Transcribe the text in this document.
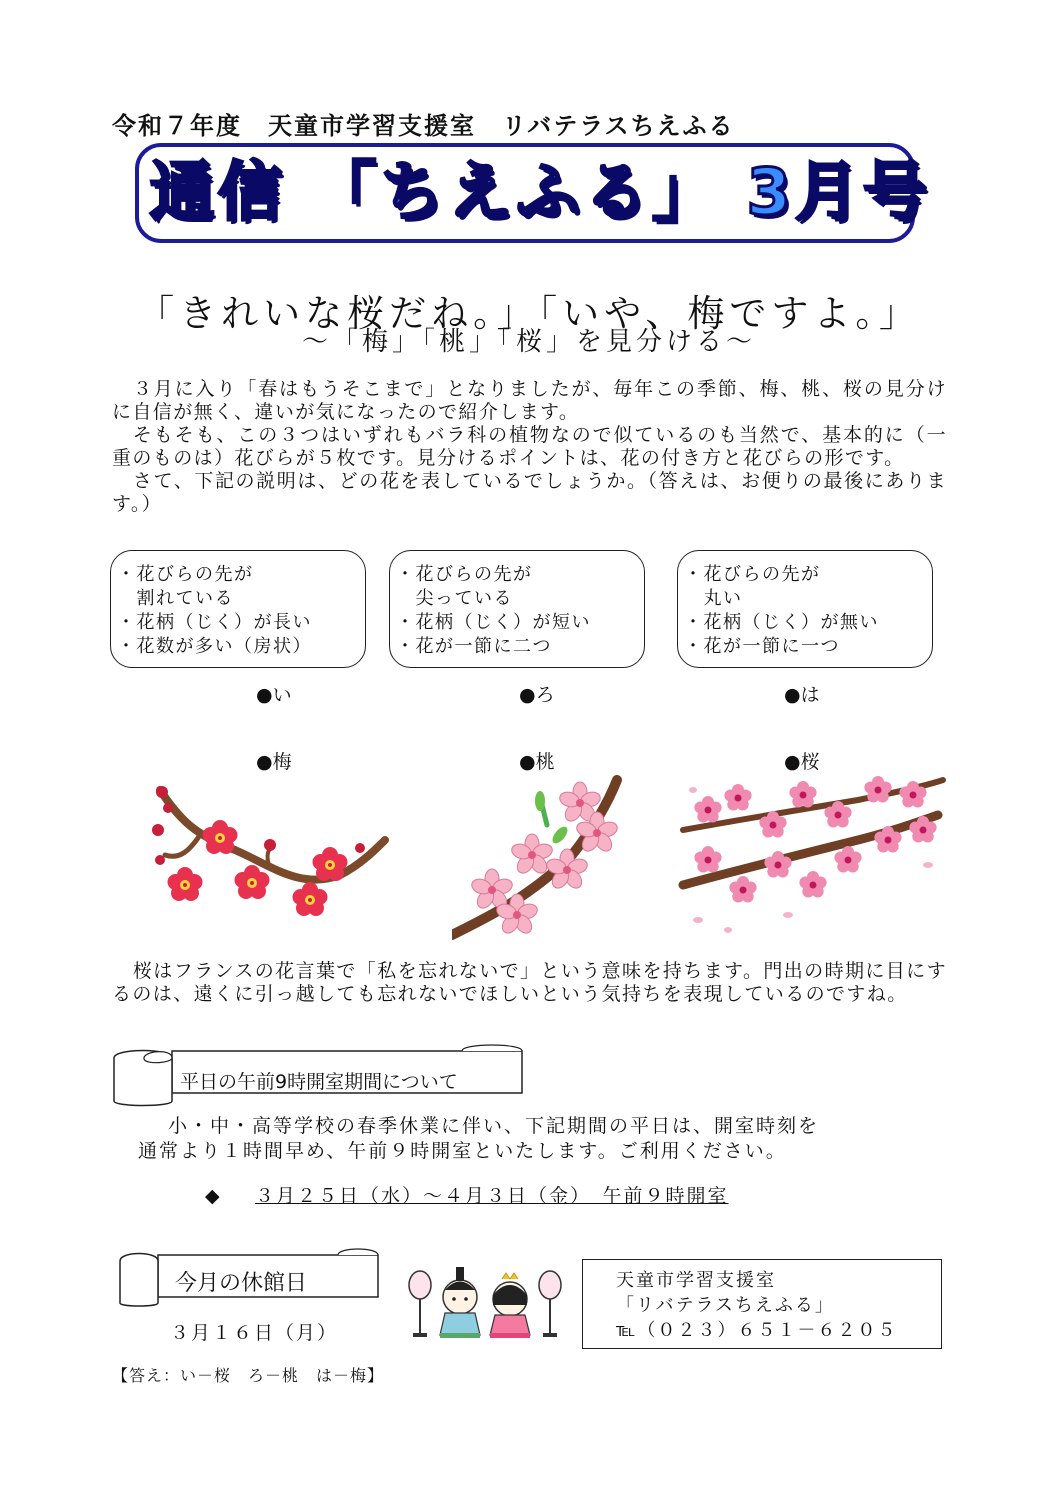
令和７年度　天童市学習支援室　リバテラスちえふる
通信 「ちえふる」 3月号
「きれいな桜だね。」「いや、梅ですよ。」
～「梅」「桃」「桜」を見分ける～

３月に入り「春はもうそこまで」となりましたが、毎年この季節、梅、桃、桜の見分けに自信が無く、違いが気になったので紹介します。

そもそも、この３つはいずれもバラ科の植物なので似ているのも当然で、基本的に（一重のものは）花びらが５枚です。見分けるポイントは、花の付き方と花びらの形です。

さて、下記の説明は、どの花を表しているでしょうか。（答えは、お便りの最後にあります。）

・花びらの先が
　割れている
・花柄（じく）が長い
・花数が多い（房状）
・花びらの先が
　尖っている
・花柄（じく）が短い
・花が一節に二つ
・花びらの先が
　丸い
・花柄（じく）が無い
・花が一節に一つ
●い	●ろ	●は
●梅	●桃	●桜

桜はフランスの花言葉で「私を忘れないで」という意味を持ちます。門出の時期に目にするのは、遠くに引っ越しても忘れないでほしいという気持ちを表現しているのですね。

平日の午前9時開室期間について
小・中・高等学校の春季休業に伴い、下記期間の平日は、開室時刻を
通常より１時間早め、午前９時開室といたします。ご利用ください。
◆ ３月２５日（水）～４月３日（金）　午前９時開室
今月の休館日
３月１６日（月）
天童市学習支援室
「リバテラスちえふる」
℡（０２３）６５１－６２０５
【答え：い－桜　ろ－桃　は－梅】
